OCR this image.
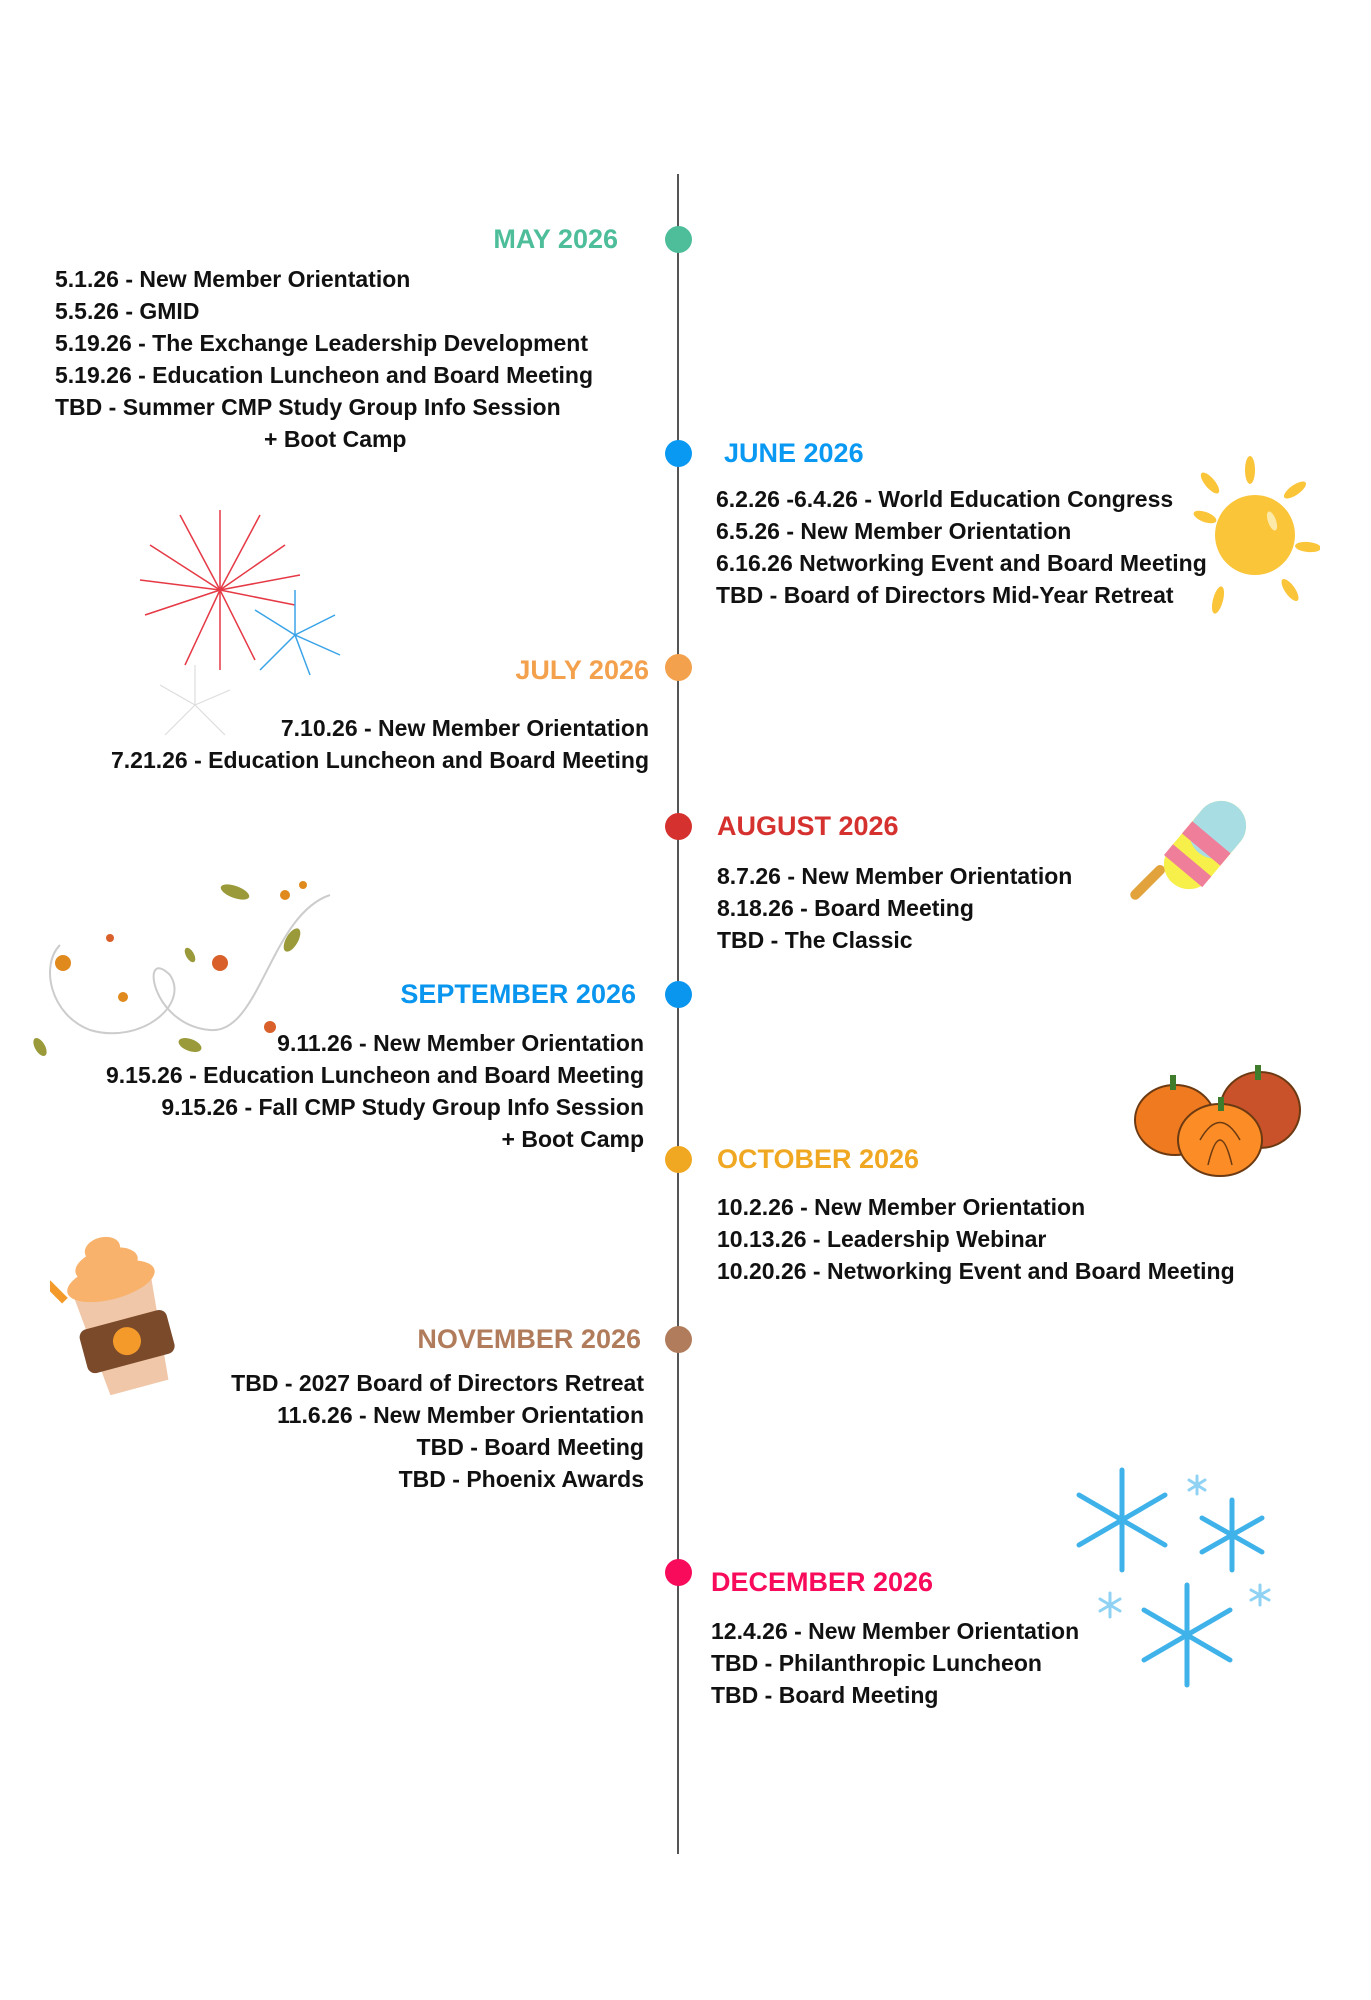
MAY 2026
5.1.26 - New Member Orientation
5.5.26 - GMID
5.19.26 - The Exchange Leadership Development
5.19.26 - Education Luncheon and Board Meeting
TBD - Summer CMP Study Group Info Session
+ Boot Camp	JUNE 2026
6.2.26 -6.4.26 - World Education Congress
6.5.26 - New Member Orientation
6.16.26 Networking Event and Board Meeting
TBD - Board of Directors Mid-Year Retreat
JULY 2026
7.10.26 - New Member Orientation
7.21.26 - Education Luncheon and Board Meeting
AUGUST 2026
8.7.26 - New Member Orientation
8.18.26 - Board Meeting
TBD - The Classic
SEPTEMBER 2026
9.11.26 - New Member Orientation
9.15.26 - Education Luncheon and Board Meeting
9.15.26 - Fall CMP Study Group Info Session
+ Boot Camp
OCTOBER 2026
10.2.26 - New Member Orientation
10.13.26 - Leadership Webinar
10.20.26 - Networking Event and Board Meeting
NOVEMBER 2026
TBD - 2027 Board of Directors Retreat
11.6.26 - New Member Orientation
TBD - Board Meeting
TBD - Phoenix Awards
DECEMBER 2026
12.4.26 - New Member Orientation
TBD - Philanthropic Luncheon
TBD - Board Meeting
